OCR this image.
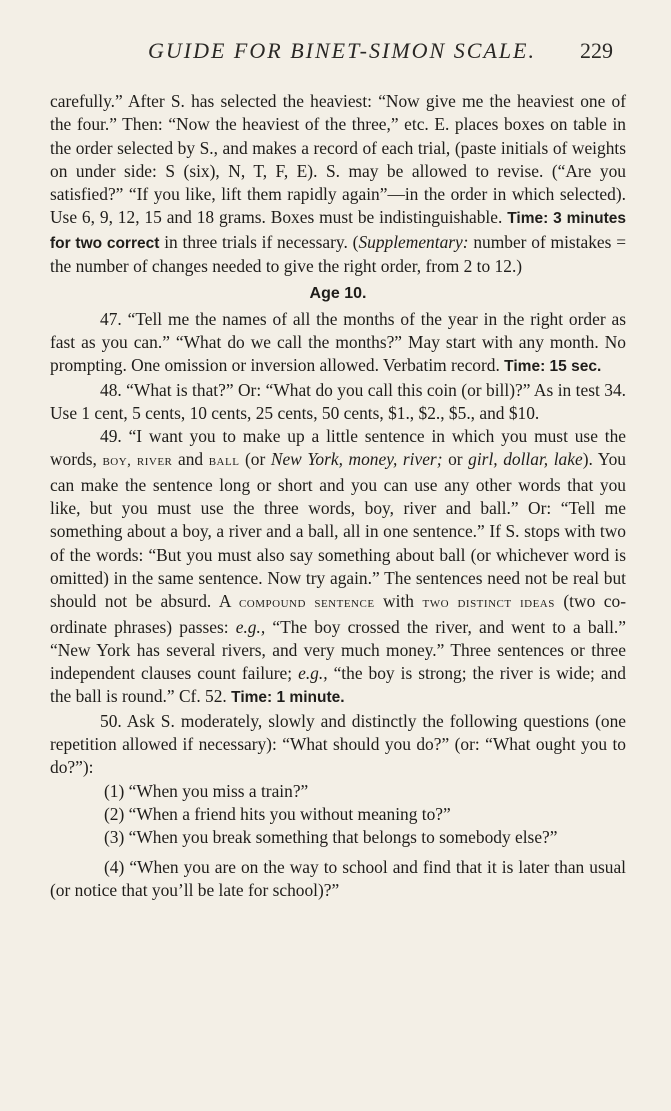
GUIDE FOR BINET-SIMON SCALE. 229

carefully.” After S. has selected the heaviest: “Now give me the heaviest one of the four.” Then: “Now the heaviest of the three,” etc. E. places boxes on table in the order selected by S., and makes a record of each trial, (paste initials of weights on under side: S (six), N, T, F, E). S. may be allowed to revise. (“Are you satisfied?” “If you like, lift them rapidly again”—in the order in which selected). Use 6, 9, 12, 15 and 18 grams. Boxes must be indistinguishable. Time: 3 minutes for two correct in three trials if necessary. (Supplementary: number of mistakes = the number of changes needed to give the right order, from 2 to 12.)

Age 10.

47. “Tell me the names of all the months of the year in the right order as fast as you can.” “What do we call the months?” May start with any month. No prompting. One omission or inversion allowed. Verbatim record. Time: 15 sec.

48. “What is that?” Or: “What do you call this coin (or bill)?” As in test 34. Use 1 cent, 5 cents, 10 cents, 25 cents, 50 cents, $1., $2., $5., and $10.

49. “I want you to make up a little sentence in which you must use the words, boy, river and ball (or New York, money, river; or girl, dollar, lake). You can make the sentence long or short and you can use any other words that you like, but you must use the three words, boy, river and ball.” Or: “Tell me something about a boy, a river and a ball, all in one sentence.” If S. stops with two of the words: “But you must also say something about ball (or whichever word is omitted) in the same sentence. Now try again.” The sentences need not be real but should not be absurd. A compound sentence with two distinct ideas (two co-ordinate phrases) passes: e.g., “The boy crossed the river, and went to a ball.” “New York has several rivers, and very much money.” Three sentences or three independent clauses count failure; e.g., “the boy is strong; the river is wide; and the ball is round.” Cf. 52. Time: 1 minute.

50. Ask S. moderately, slowly and distinctly the following questions (one repetition allowed if necessary): “What should you do?” (or: “What ought you to do?”):

(1) “When you miss a train?”

(2) “When a friend hits you without meaning to?”

(3) “When you break something that belongs to somebody else?”

(4) “When you are on the way to school and find that it is later than usual (or notice that you’ll be late for school)?”
